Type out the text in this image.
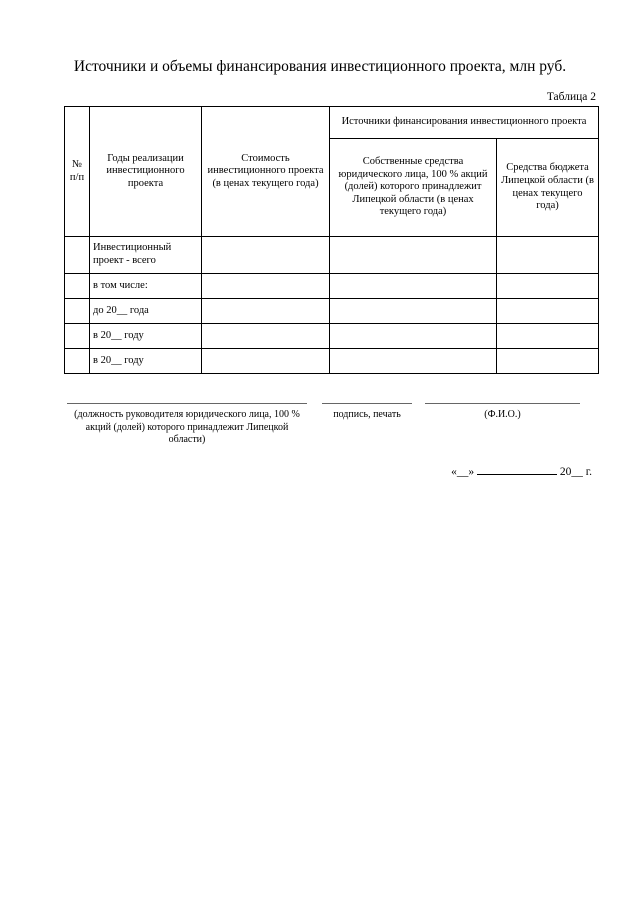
Источники и объемы финансирования инвестиционного проекта, млн руб.
Таблица 2
№ п/п	Годы реализации инвестиционного проекта	Стоимость инвестиционного проекта (в ценах текущего года)	Источники финансирования инвестиционного проекта	
			Собственные средства юридического лица, 100 % акций (долей) которого принадлежит Липецкой области (в ценах текущего года)	Средства бюджета Липецкой области (в ценах текущего года)
	Инвестиционный проект - всего			
	в том числе:			
	до 20__ года			
	в 20__ году			
	в 20__ году			
(должность руководителя юридического лица, 100 % акций (долей) которого принадлежит Липецкой области)
подпись, печать	(Ф.И.О.)
«__»	20__ г.
